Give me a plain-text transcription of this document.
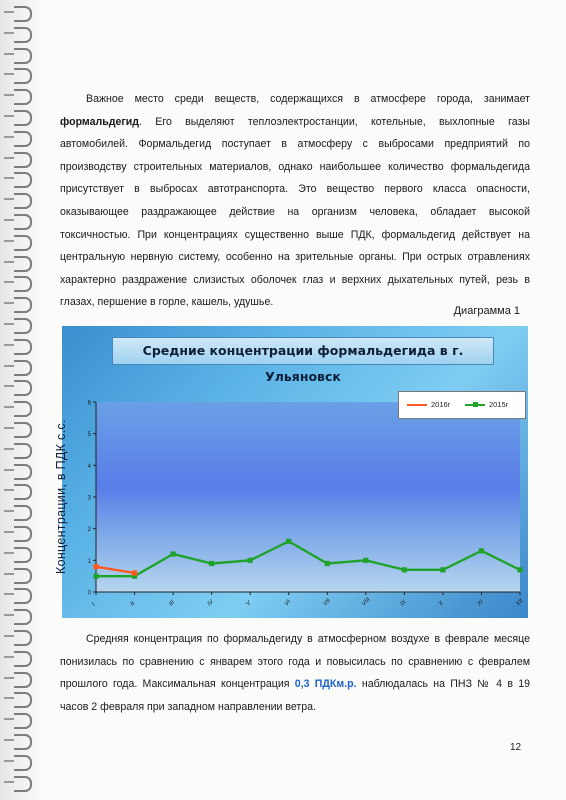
Важное место среди веществ, содержащихся в атмосфере города, занимает формальдегид. Его выделяют теплоэлектростанции, котельные, выхлопные газы автомобилей. Формальдегид поступает в атмосферу с выбросами предприятий по производству строительных материалов, однако наибольшее количество формальдегида присутствует в выбросах автотранспорта. Это вещество первого класса опасности, оказывающее раздражающее действие на организм человека, обладает высокой токсичностью. При концентрациях существенно выше ПДК, формальдегид действует на центральную нервную систему, особенно на зрительные органы. При острых отравлениях характерно раздражение слизистых оболочек глаз и верхних дыхательных путей, резь в глазах, першение в горле, кашель, удушье.

Диаграмма 1
Средние концентрации формальдегида в г. Ульяновск
Концентрации, в ПДК с.с.
0
1
2
3
4
5
6
I	II	III	IV	V	VI	VII	VIII	IX	X	XI	XII
2016г	2015г

Средняя концентрация по формальдегиду в атмосферном воздухе в феврале месяце понизилась по сравнению с январем этого года и повысилась по сравнению с февралем прошлого года. Максимальная концентрация 0,3 ПДКм.р. наблюдалась на ПНЗ № 4 в 19 часов 2 февраля при западном направлении ветра.

12
